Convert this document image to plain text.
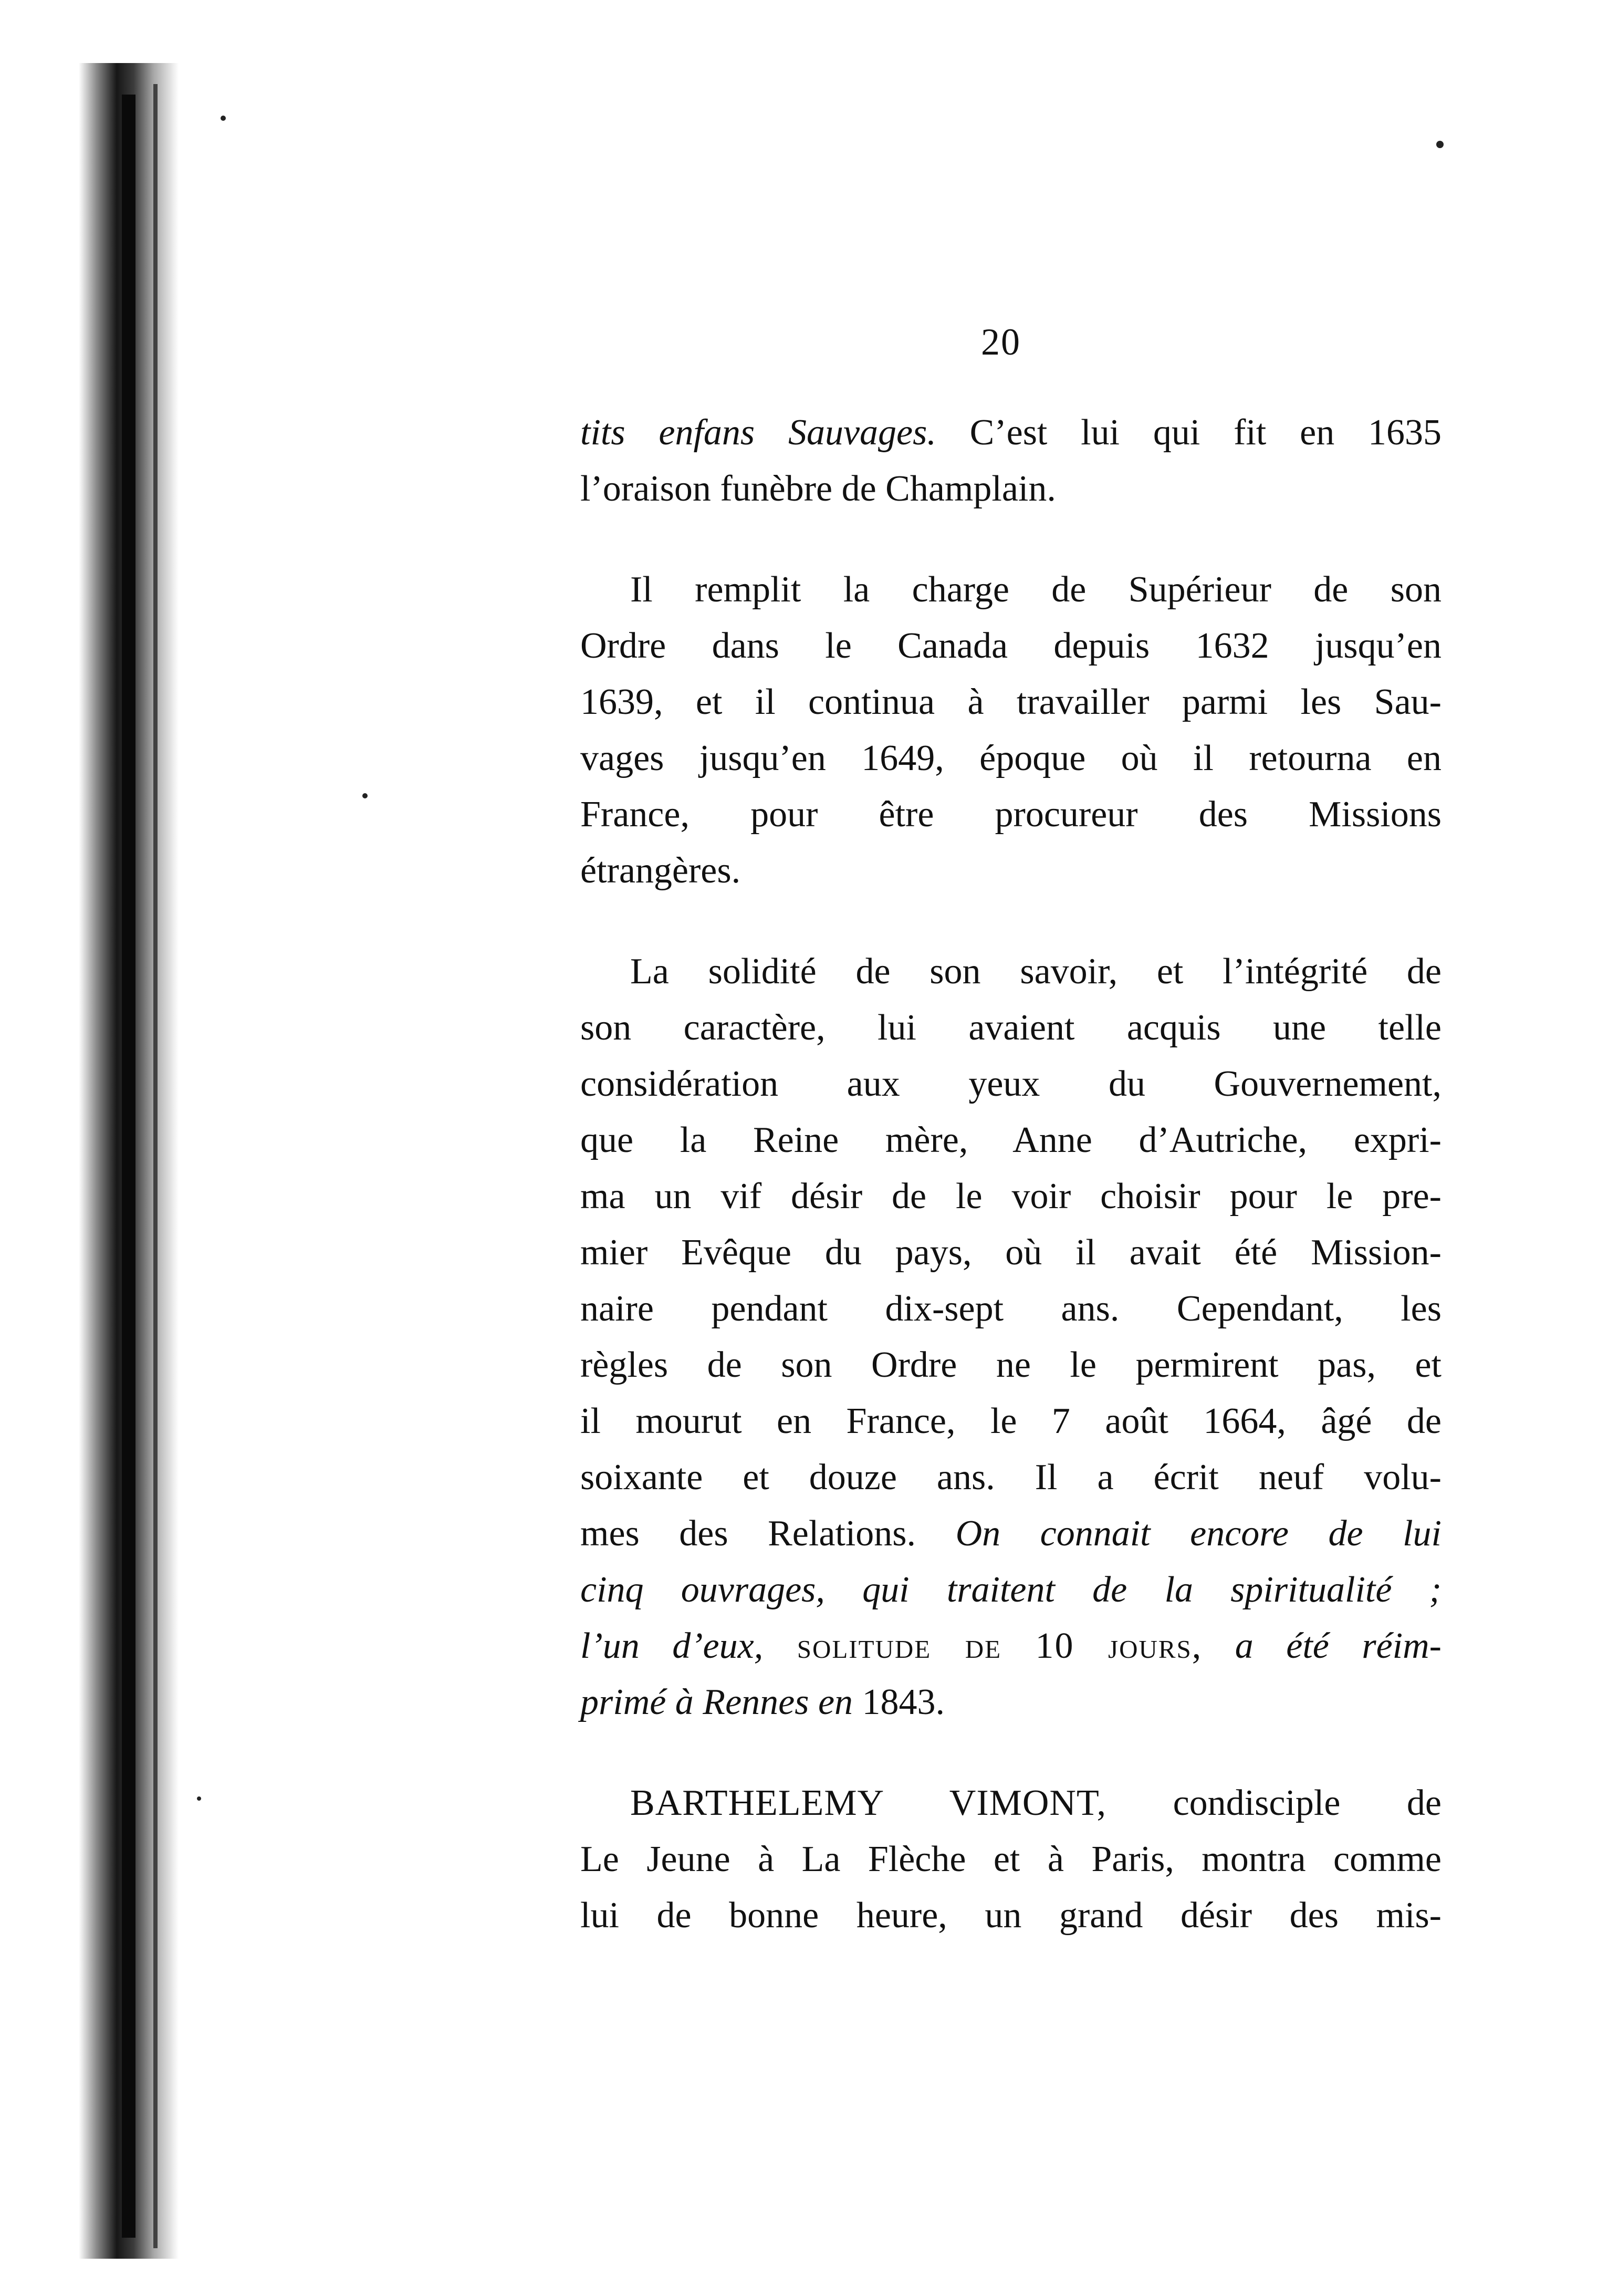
20
tits enfans Sauvages. C’est lui qui fit en 1635
l’oraison funèbre de Champlain.
Il remplit la charge de Supérieur de son
Ordre dans le Canada depuis 1632 jusqu’en
1639, et il continua à travailler parmi les Sau-
vages jusqu’en 1649, époque où il retourna en
France, pour être procureur des Missions
étrangères.
La solidité de son savoir, et l’intégrité de
son caractère, lui avaient acquis une telle
considération aux yeux du Gouvernement,
que la Reine mère, Anne d’Autriche, expri-
ma un vif désir de le voir choisir pour le pre-
mier Evêque du pays, où il avait été Mission-
naire pendant dix-sept ans. Cependant, les
règles de son Ordre ne le permirent pas, et
il mourut en France, le 7 août 1664, âgé de
soixante et douze ans. Il a écrit neuf volu-
mes des Relations. On connait encore de lui
cinq ouvrages, qui traitent de la spiritualité ;
l’un d’eux, solitude de 10 jours, a été réim-
primé à Rennes en 1843.
BARTHELEMY VIMONT, condisciple de
Le Jeune à La Flèche et à Paris, montra comme
lui de bonne heure, un grand désir des mis-
